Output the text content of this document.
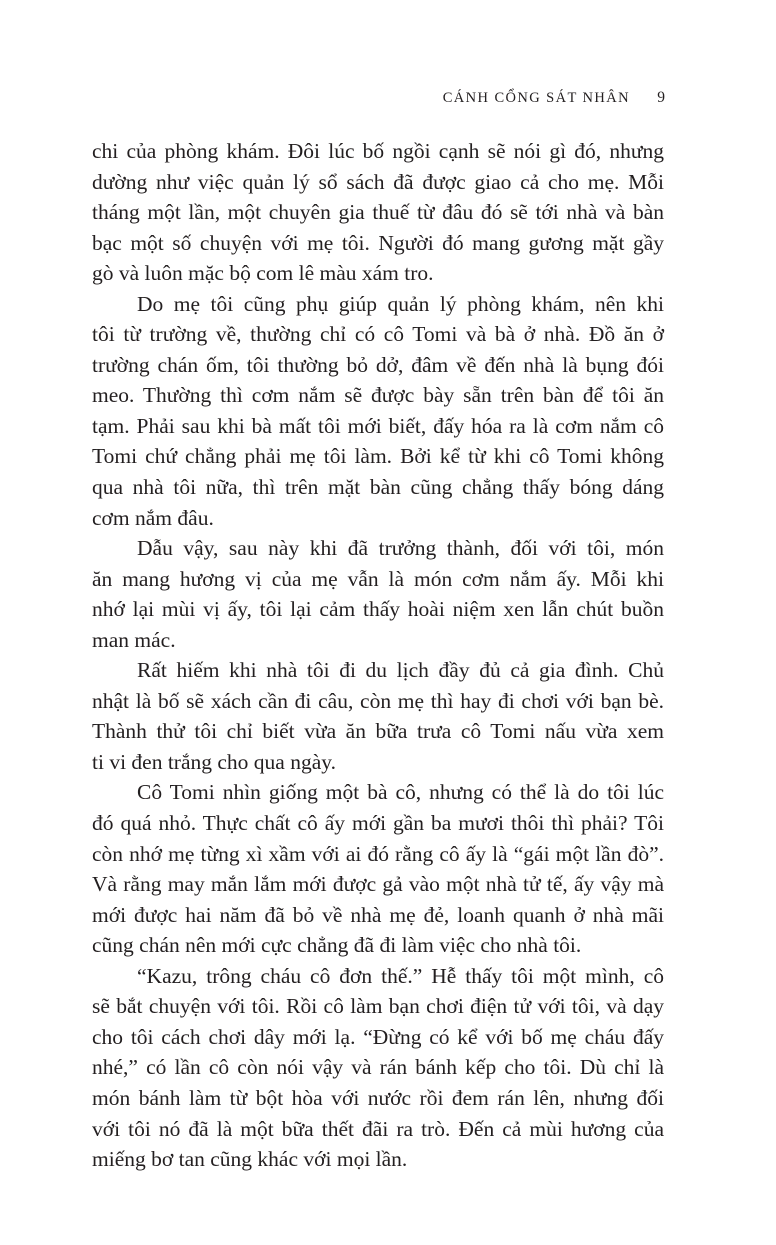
CÁNH CỔNG SÁT NHÂN 9
chi của phòng khám. Đôi lúc bố ngồi cạnh sẽ nói gì đó, nhưng
dường như việc quản lý sổ sách đã được giao cả cho mẹ. Mỗi
tháng một lần, một chuyên gia thuế từ đâu đó sẽ tới nhà và bàn
bạc một số chuyện với mẹ tôi. Người đó mang gương mặt gầy
gò và luôn mặc bộ com lê màu xám tro.
Do mẹ tôi cũng phụ giúp quản lý phòng khám, nên khi
tôi từ trường về, thường chỉ có cô Tomi và bà ở nhà. Đồ ăn ở
trường chán ốm, tôi thường bỏ dở, đâm về đến nhà là bụng đói
meo. Thường thì cơm nắm sẽ được bày sẵn trên bàn để tôi ăn
tạm. Phải sau khi bà mất tôi mới biết, đấy hóa ra là cơm nắm cô
Tomi chứ chẳng phải mẹ tôi làm. Bởi kể từ khi cô Tomi không
qua nhà tôi nữa, thì trên mặt bàn cũng chẳng thấy bóng dáng
cơm nắm đâu.
Dẫu vậy, sau này khi đã trưởng thành, đối với tôi, món
ăn mang hương vị của mẹ vẫn là món cơm nắm ấy. Mỗi khi
nhớ lại mùi vị ấy, tôi lại cảm thấy hoài niệm xen lẫn chút buồn
man mác.
Rất hiếm khi nhà tôi đi du lịch đầy đủ cả gia đình. Chủ
nhật là bố sẽ xách cần đi câu, còn mẹ thì hay đi chơi với bạn bè.
Thành thử tôi chỉ biết vừa ăn bữa trưa cô Tomi nấu vừa xem
ti vi đen trắng cho qua ngày.
Cô Tomi nhìn giống một bà cô, nhưng có thể là do tôi lúc
đó quá nhỏ. Thực chất cô ấy mới gần ba mươi thôi thì phải? Tôi
còn nhớ mẹ từng xì xầm với ai đó rằng cô ấy là “gái một lần đò”.
Và rằng may mắn lắm mới được gả vào một nhà tử tế, ấy vậy mà
mới được hai năm đã bỏ về nhà mẹ đẻ, loanh quanh ở nhà mãi
cũng chán nên mới cực chẳng đã đi làm việc cho nhà tôi.
“Kazu, trông cháu cô đơn thế.” Hễ thấy tôi một mình, cô
sẽ bắt chuyện với tôi. Rồi cô làm bạn chơi điện tử với tôi, và dạy
cho tôi cách chơi dây mới lạ. “Đừng có kể với bố mẹ cháu đấy
nhé,” có lần cô còn nói vậy và rán bánh kếp cho tôi. Dù chỉ là
món bánh làm từ bột hòa với nước rồi đem rán lên, nhưng đối
với tôi nó đã là một bữa thết đãi ra trò. Đến cả mùi hương của
miếng bơ tan cũng khác với mọi lần.
